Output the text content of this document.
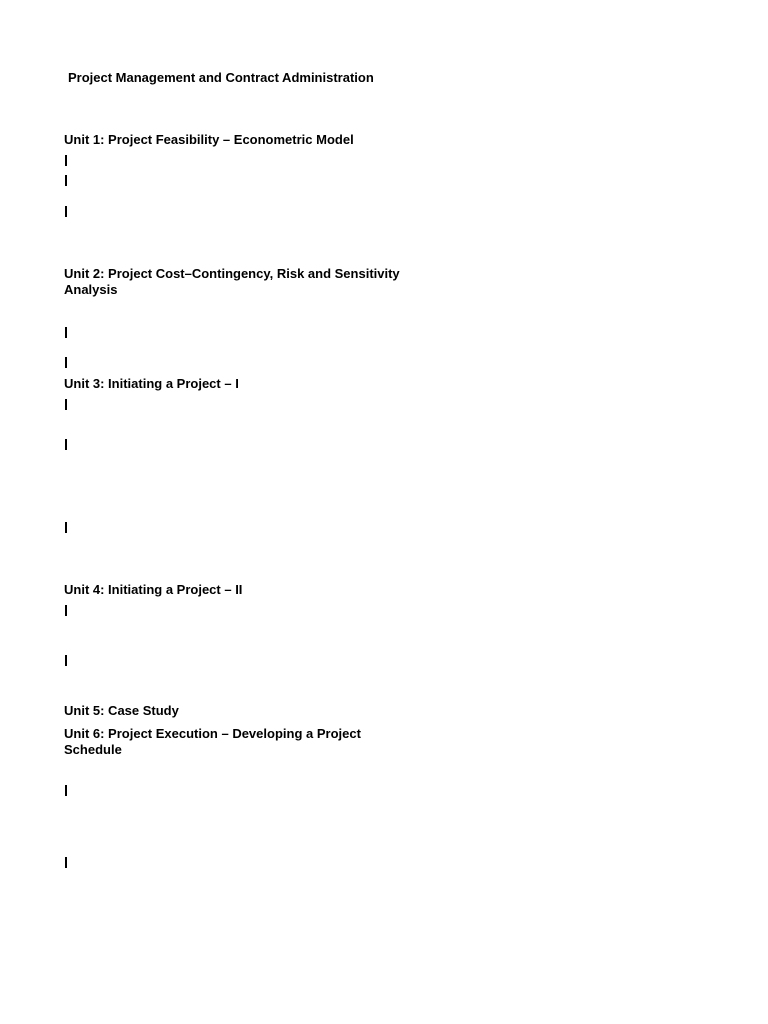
Project Management and Contract Administration
Unit 1: Project Feasibility – Econometric Model
Unit 2: Project Cost–Contingency, Risk and Sensitivity Analysis
Unit 3: Initiating a Project – I
Unit 4: Initiating a Project – II
Unit 5: Case Study
Unit 6: Project Execution – Developing a Project Schedule
